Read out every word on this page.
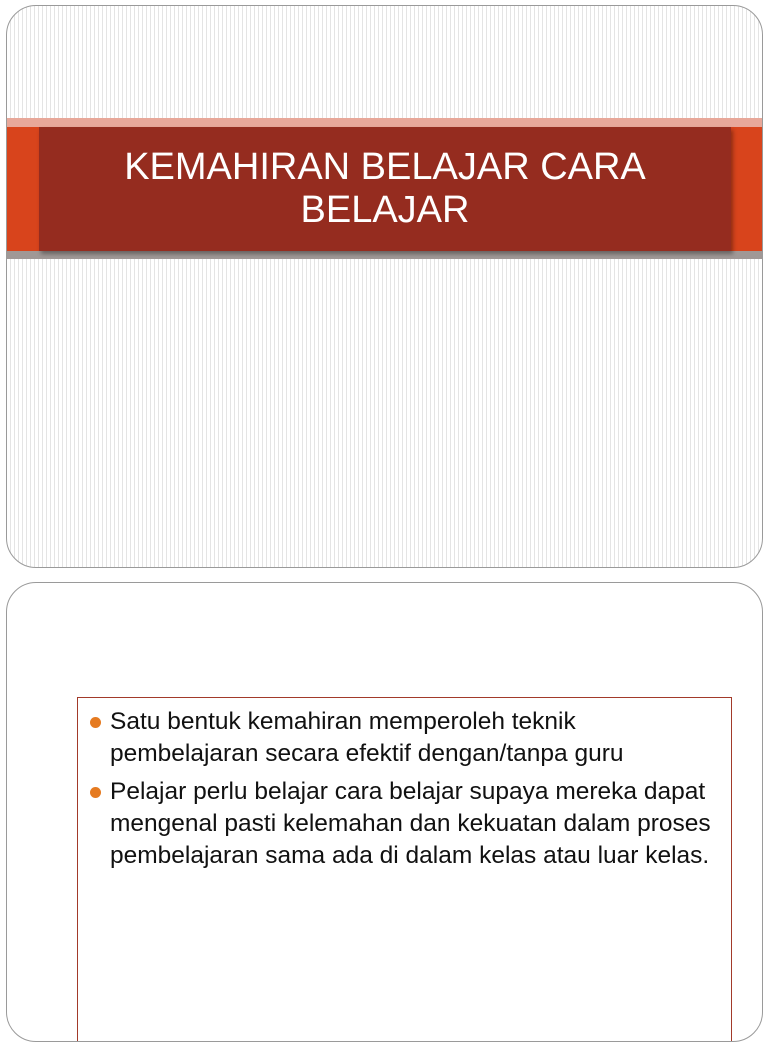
KEMAHIRAN BELAJAR CARA BELAJAR
Satu bentuk kemahiran memperoleh teknik pembelajaran secara efektif dengan/tanpa guru
Pelajar perlu belajar cara belajar supaya mereka dapat mengenal pasti kelemahan dan kekuatan dalam proses pembelajaran sama ada di dalam kelas atau luar kelas.
